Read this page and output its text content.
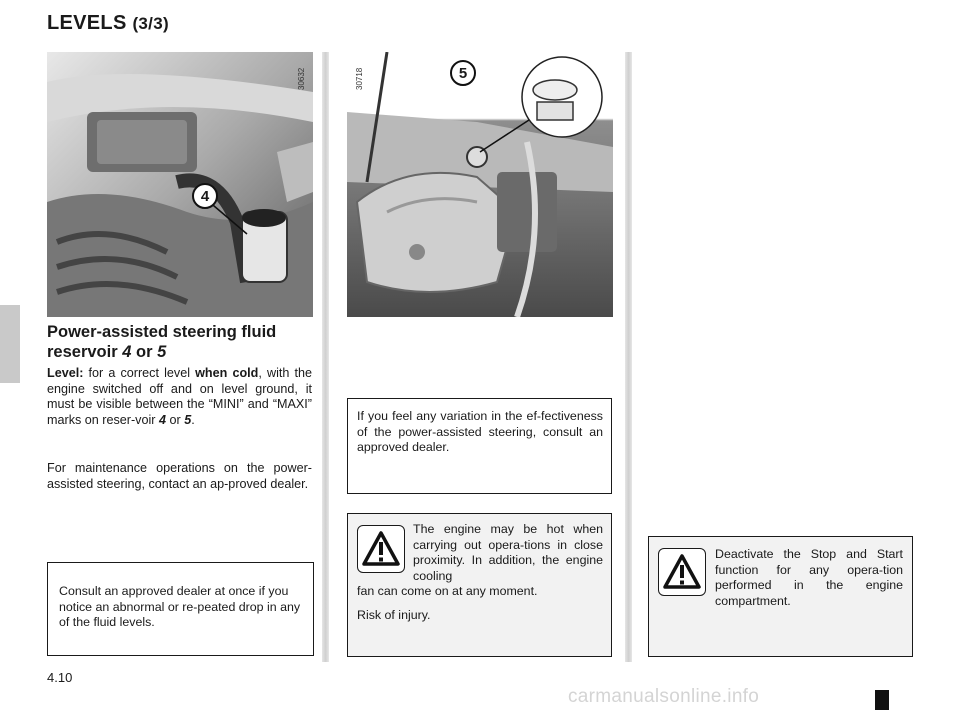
LEVELS (3/3)
30632
4
30718	5
Power-assisted steering fluid
reservoir 4 or 5
Level: for a correct level when cold, with the engine switched off and on level ground, it must be visible between the “MINI” and “MAXI” marks on reser-voir 4 or 5.
For maintenance operations on the power-assisted steering, contact an ap-proved dealer.
Consult an approved dealer at once if you notice an abnormal or re-peated drop in any of the fluid levels.
If you feel any variation in the ef-fectiveness of the power-assisted steering, consult an approved dealer.

The engine may be hot when carrying out opera-tions in close proximity. In addition, the engine cooling
fan can come on at any moment.

Risk of injury.

Deactivate the Stop and Start function for any opera-tion performed in the engine compartment.
4.10
carmanualsonline.info
